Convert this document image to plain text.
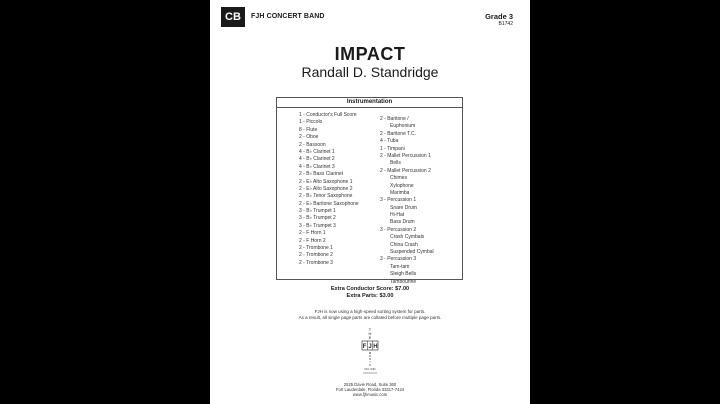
CB	FJH CONCERT BAND	Grade 3
B1742
IMPACT
Randall D. Standridge
Instrumentation
1 - Conductor's Full Score
1 - Piccolo
8 - Flute
2 - Oboe
2 - Bassoon
4 - B♭ Clarinet 1
4 - B♭ Clarinet 2
4 - B♭ Clarinet 3
2 - B♭ Bass Clarinet
2 - E♭ Alto Saxophone 1
2 - E♭ Alto Saxophone 2
2 - B♭ Tenor Saxophone
2 - E♭ Baritone Saxophone
3 - B♭ Trumpet 1
3 - B♭ Trumpet 2
3 - B♭ Trumpet 3
2 - F Horn 1
2 - F Horn 2
2 - Trombone 1
2 - Trombone 2
2 - Trombone 3
2 - Baritone /
Euphonium
2 - Baritone T.C.
4 - Tuba
1 - Timpani
2 - Mallet Percussion 1
Bells
2 - Mallet Percussion 2
Chimes
Xylophone
Marimba
3 - Percussion 1
Snare Drum
Hi-Hat
Bass Drum
3 - Percussion 2
Crash Cymbals
China Crash
Suspended Cymbal
3 - Percussion 3
Tam-tam
Sleigh Bells
Tambourine
Extra Conductor Score: $7.00
Extra Parts: $3.00
FJH is now using a high-speed sorting system for parts.
As a result, all single page parts are collated before multiple page parts.
T
H
E
F J H
M
U
S
I
C
CO. INC
2525 Davie Road, Suite 360
Fort Lauderdale, Florida 33317-7424
www.fjhmusic.com
